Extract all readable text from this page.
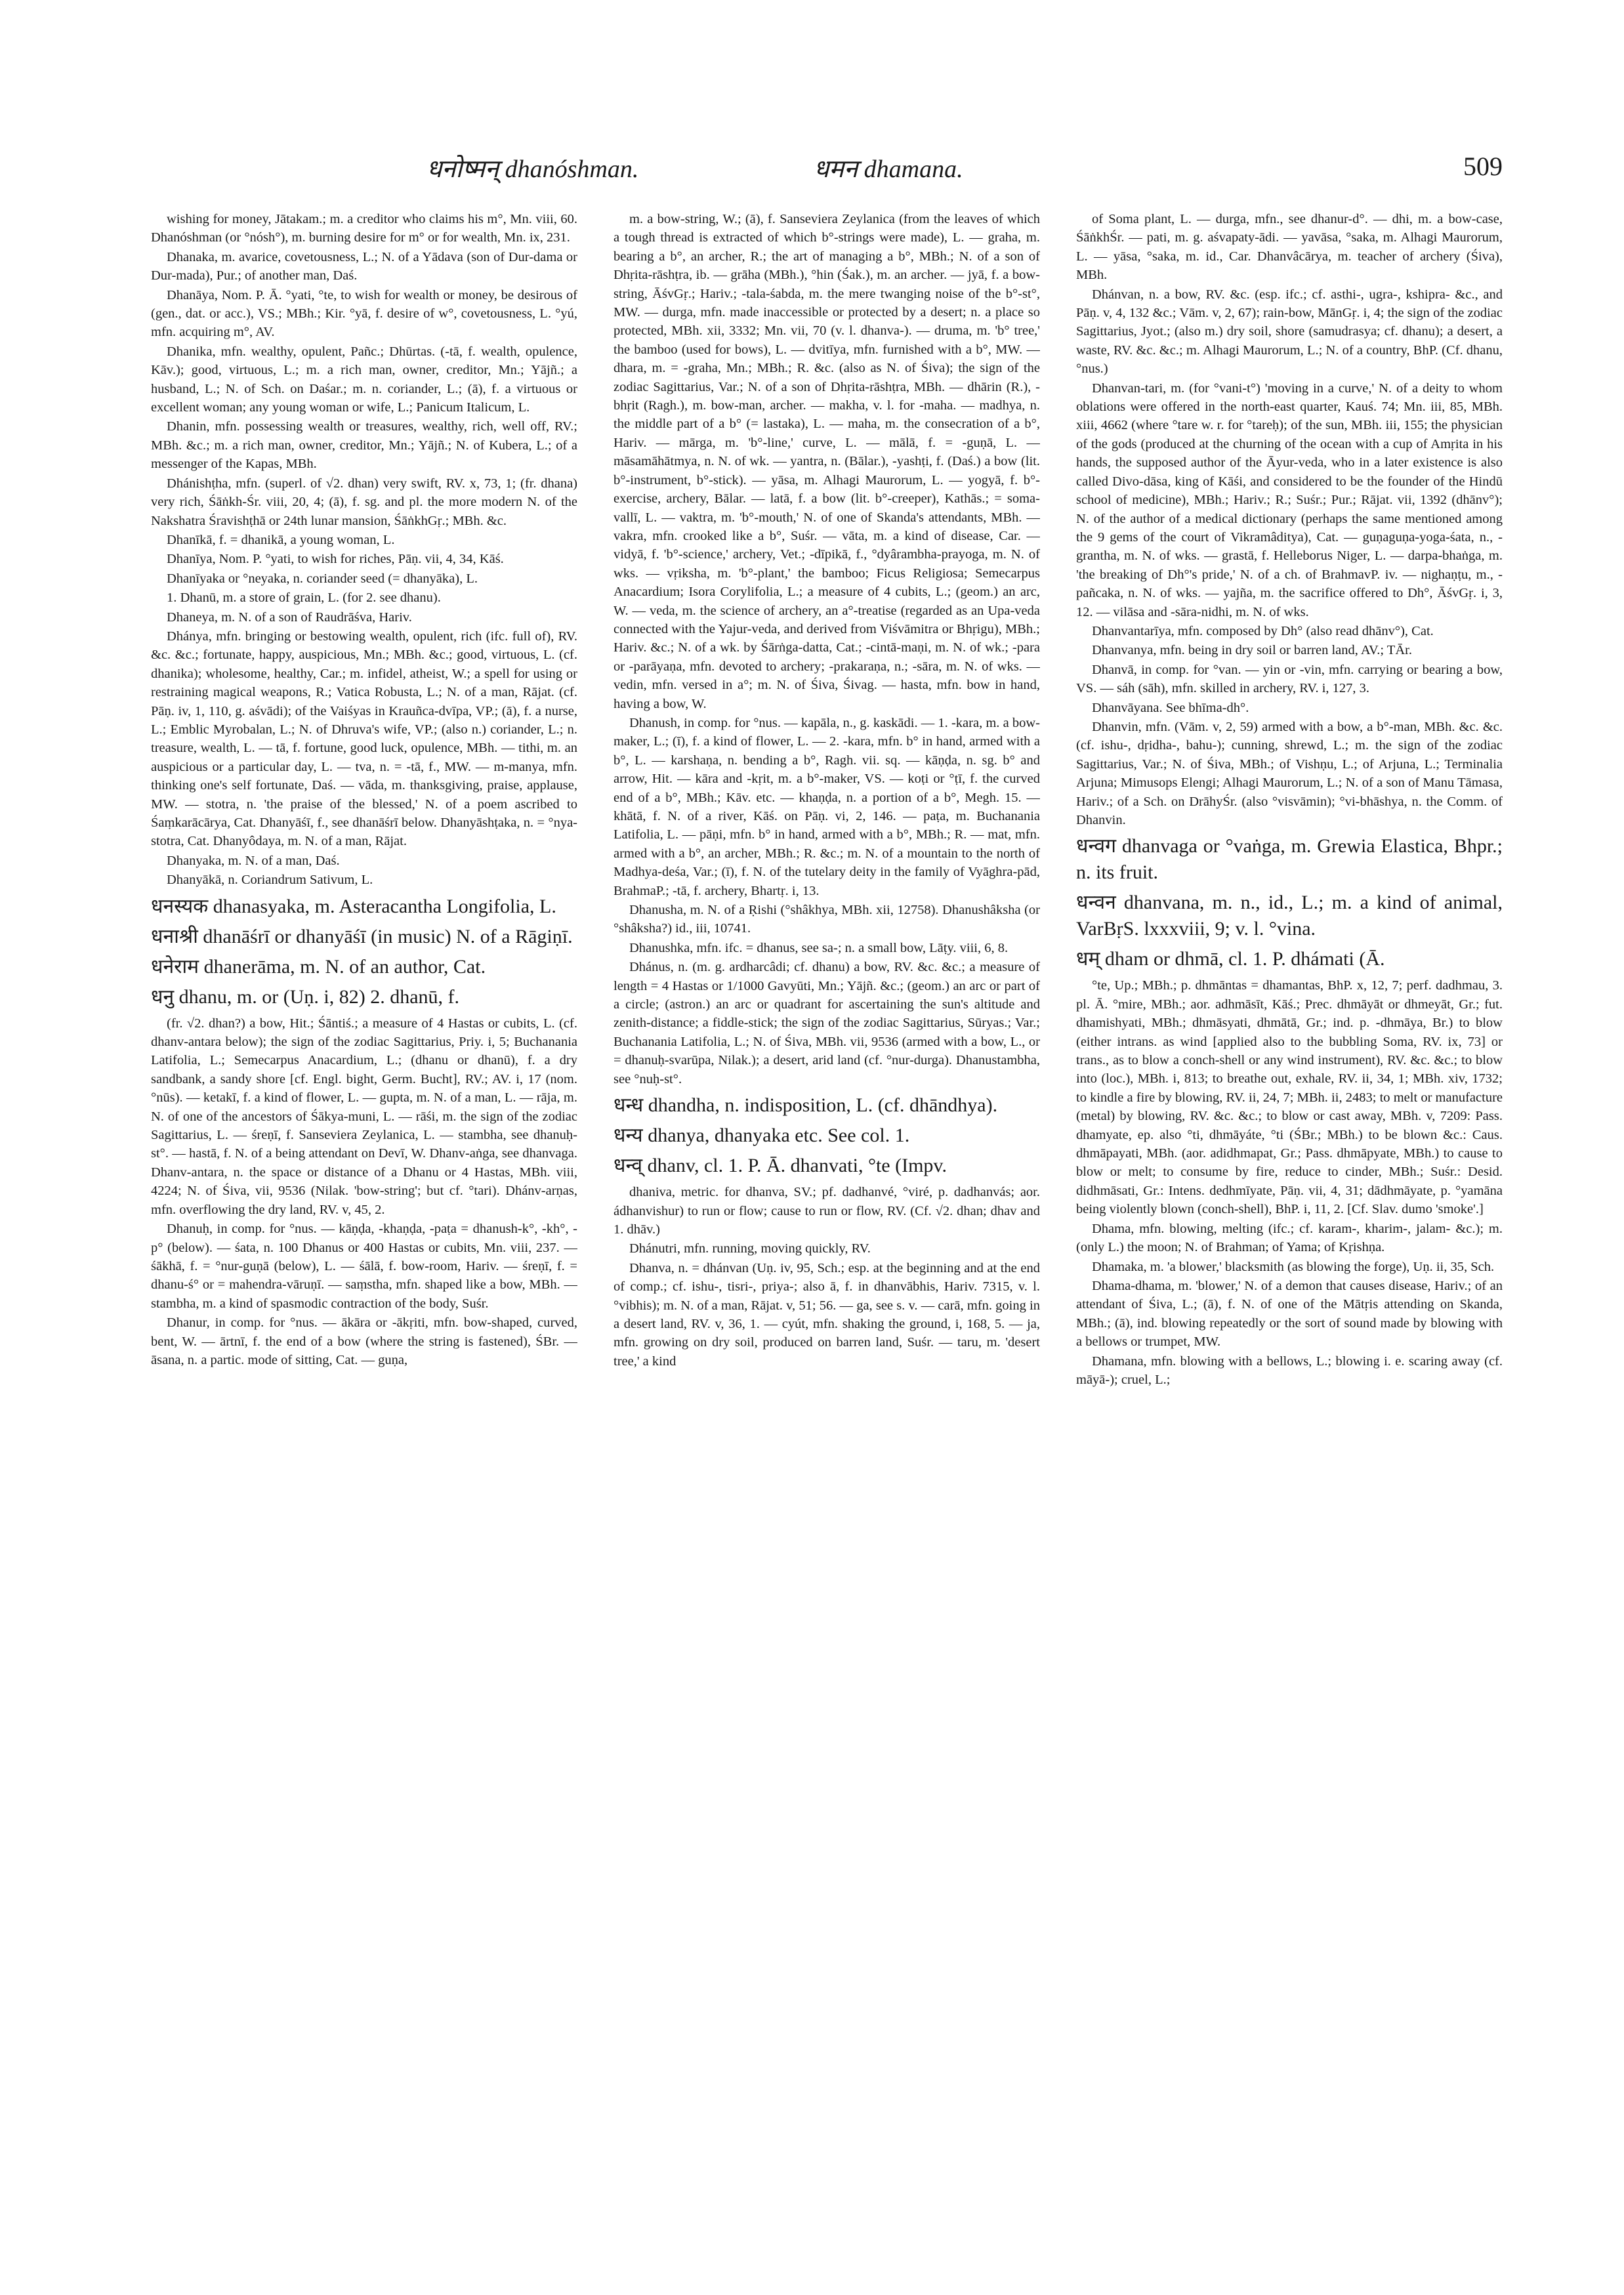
धनोष्मन् dhanóshman.	धमन dhamana.	509

wishing for money, Jātakam.; m. a creditor who claims his m°, Mn. viii, 60. Dhanóshman (or °nósh°), m. burning desire for m° or for wealth, Mn. ix, 231.

Dhanaka, m. avarice, covetousness, L.; N. of a Yādava (son of Dur-dama or Dur-mada), Pur.; of another man, Daś.

Dhanāya, Nom. P. Ā. °yati, °te, to wish for wealth or money, be desirous of (gen., dat. or acc.), VS.; MBh.; Kir. °yā, f. desire of w°, covetousness, L. °yú, mfn. acquiring m°, AV.

Dhanika, mfn. wealthy, opulent, Pañc.; Dhūrtas. (-tā, f. wealth, opulence, Kāv.); good, virtuous, L.; m. a rich man, owner, creditor, Mn.; Yājñ.; a husband, L.; N. of Sch. on Daśar.; m. n. coriander, L.; (ā), f. a virtuous or excellent woman; any young woman or wife, L.; Panicum Italicum, L.

Dhanin, mfn. possessing wealth or treasures, wealthy, rich, well off, RV.; MBh. &c.; m. a rich man, owner, creditor, Mn.; Yājñ.; N. of Kubera, L.; of a messenger of the Kapas, MBh.

Dhánishṭha, mfn. (superl. of √2. dhan) very swift, RV. x, 73, 1; (fr. dhana) very rich, Śāṅkh-Śr. viii, 20, 4; (ā), f. sg. and pl. the more modern N. of the Nakshatra Śravishṭhā or 24th lunar mansion, ŚāṅkhGṛ.; MBh. &c.

Dhanīkā, f. = dhanikā, a young woman, L.

Dhanīya, Nom. P. °yati, to wish for riches, Pāṇ. vii, 4, 34, Kāś.

Dhanīyaka or °neyaka, n. coriander seed (= dhanyāka), L.

1. Dhanū, m. a store of grain, L. (for 2. see dhanu).

Dhaneya, m. N. of a son of Raudrāśva, Hariv.

Dhánya, mfn. bringing or bestowing wealth, opulent, rich (ifc. full of), RV. &c. &c.; fortunate, happy, auspicious, Mn.; MBh. &c.; good, virtuous, L. (cf. dhanika); wholesome, healthy, Car.; m. infidel, atheist, W.; a spell for using or restraining magical weapons, R.; Vatica Robusta, L.; N. of a man, Rājat. (cf. Pāṇ. iv, 1, 110, g. aśvādi); of the Vaiśyas in Krauñca-dvīpa, VP.; (ā), f. a nurse, L.; Emblic Myrobalan, L.; N. of Dhruva's wife, VP.; (also n.) coriander, L.; n. treasure, wealth, L. — tā, f. fortune, good luck, opulence, MBh. — tithi, m. an auspicious or a particular day, L. — tva, n. = -tā, f., MW. — m-manya, mfn. thinking one's self fortunate, Daś. — vāda, m. thanksgiving, praise, applause, MW. — stotra, n. 'the praise of the blessed,' N. of a poem ascribed to Śaṃkarācārya, Cat. Dhanyāśī, f., see dhanāśrī below. Dhanyāshṭaka, n. = °nya-stotra, Cat. Dhanyôdaya, m. N. of a man, Rājat.

Dhanyaka, m. N. of a man, Daś.

Dhanyākā, n. Coriandrum Sativum, L.

धनस्यक dhanasyaka, m. Asteracantha Longifolia, L.

धनाश्री dhanāśrī or dhanyāśī (in music) N. of a Rāgiṇī.

धनेराम dhanerāma, m. N. of an author, Cat.

धनु dhanu, m. or (Uṇ. i, 82) 2. dhanū, f.

(fr. √2. dhan?) a bow, Hit.; Śāntiś.; a measure of 4 Hastas or cubits, L. (cf. dhanv-antara below); the sign of the zodiac Sagittarius, Priy. i, 5; Buchanania Latifolia, L.; Semecarpus Anacardium, L.; (dhanu or dhanū), f. a dry sandbank, a sandy shore [cf. Engl. bight, Germ. Bucht], RV.; AV. i, 17 (nom. °nūs). — ketakī, f. a kind of flower, L. — gupta, m. N. of a man, L. — rāja, m. N. of one of the ancestors of Śākya-muni, L. — rāśi, m. the sign of the zodiac Sagittarius, L. — śreṇī, f. Sanseviera Zeylanica, L. — stambha, see dhanuḥ-st°. — hastā, f. N. of a being attendant on Devī, W. Dhanv-aṅga, see dhanvaga. Dhanv-antara, n. the space or distance of a Dhanu or 4 Hastas, MBh. viii, 4224; N. of Śiva, vii, 9536 (Nilak. 'bow-string'; but cf. °tari). Dhánv-arṇas, mfn. overflowing the dry land, RV. v, 45, 2.

Dhanuḥ, in comp. for °nus. — kāṇḍa, -khaṇḍa, -paṭa = dhanush-k°, -kh°, -p° (below). — śata, n. 100 Dhanus or 400 Hastas or cubits, Mn. viii, 237. — śākhā, f. = °nur-guṇā (below), L. — śālā, f. bow-room, Hariv. — śreṇī, f. = dhanu-ś° or = mahendra-vāruṇī. — saṃstha, mfn. shaped like a bow, MBh. — stambha, m. a kind of spasmodic contraction of the body, Suśr.

Dhanur, in comp. for °nus. — ākāra or -ākṛiti, mfn. bow-shaped, curved, bent, W. — ārtnī, f. the end of a bow (where the string is fastened), ŚBr. — āsana, n. a partic. mode of sitting, Cat. — guṇa,

m. a bow-string, W.; (ā), f. Sanseviera Zeylanica (from the leaves of which a tough thread is extracted of which b°-strings were made), L. — graha, m. bearing a b°, an archer, R.; the art of managing a b°, MBh.; N. of a son of Dhṛita-rāshṭra, ib. — grāha (MBh.), °hin (Śak.), m. an archer. — jyā, f. a bow-string, ĀśvGṛ.; Hariv.; -tala-śabda, m. the mere twanging noise of the b°-st°, MW. — durga, mfn. made inaccessible or protected by a desert; n. a place so protected, MBh. xii, 3332; Mn. vii, 70 (v. l. dhanva-). — druma, m. 'b° tree,' the bamboo (used for bows), L. — dvitīya, mfn. furnished with a b°, MW. — dhara, m. = -graha, Mn.; MBh.; R. &c. (also as N. of Śiva); the sign of the zodiac Sagittarius, Var.; N. of a son of Dhṛita-rāshṭra, MBh. — dhārin (R.), -bhṛit (Ragh.), m. bow-man, archer. — makha, v. l. for -maha. — madhya, n. the middle part of a b° (= lastaka), L. — maha, m. the consecration of a b°, Hariv. — mārga, m. 'b°-line,' curve, L. — mālā, f. = -guṇā, L. — māsamāhātmya, n. N. of wk. — yantra, n. (Bālar.), -yashṭi, f. (Daś.) a bow (lit. b°-instrument, b°-stick). — yāsa, m. Alhagi Maurorum, L. — yogyā, f. b°-exercise, archery, Bālar. — latā, f. a bow (lit. b°-creeper), Kathās.; = soma-vallī, L. — vaktra, m. 'b°-mouth,' N. of one of Skanda's attendants, MBh. — vakra, mfn. crooked like a b°, Suśr. — vāta, m. a kind of disease, Car. — vidyā, f. 'b°-science,' archery, Vet.; -dīpikā, f., °dyârambha-prayoga, m. N. of wks. — vṛiksha, m. 'b°-plant,' the bamboo; Ficus Religiosa; Semecarpus Anacardium; Isora Corylifolia, L.; a measure of 4 cubits, L.; (geom.) an arc, W. — veda, m. the science of archery, an a°-treatise (regarded as an Upa-veda connected with the Yajur-veda, and derived from Viśvāmitra or Bhṛigu), MBh.; Hariv. &c.; N. of a wk. by Śārṅga-datta, Cat.; -cintā-maṇi, m. N. of wk.; -para or -parāyaṇa, mfn. devoted to archery; -prakaraṇa, n.; -sāra, m. N. of wks. — vedin, mfn. versed in a°; m. N. of Śiva, Śivag. — hasta, mfn. bow in hand, having a bow, W.

Dhanush, in comp. for °nus. — kapāla, n., g. kaskādi. — 1. -kara, m. a bow-maker, L.; (ī), f. a kind of flower, L. — 2. -kara, mfn. b° in hand, armed with a b°, L. — karshaṇa, n. bending a b°, Ragh. vii. sq. — kāṇḍa, n. sg. b° and arrow, Hit. — kāra and -kṛit, m. a b°-maker, VS. — koṭi or °ṭī, f. the curved end of a b°, MBh.; Kāv. etc. — khaṇḍa, n. a portion of a b°, Megh. 15. — khātā, f. N. of a river, Kāś. on Pāṇ. vi, 2, 146. — paṭa, m. Buchanania Latifolia, L. — pāṇi, mfn. b° in hand, armed with a b°, MBh.; R. — mat, mfn. armed with a b°, an archer, MBh.; R. &c.; m. N. of a mountain to the north of Madhya-deśa, Var.; (ī), f. N. of the tutelary deity in the family of Vyāghra-pād, BrahmaP.; -tā, f. archery, Bhartṛ. i, 13.

Dhanusha, m. N. of a Ṛishi (°shâkhya, MBh. xii, 12758). Dhanushâksha (or °shâksha?) id., iii, 10741.

Dhanushka, mfn. ifc. = dhanus, see sa-; n. a small bow, Lāṭy. viii, 6, 8.

Dhánus, n. (m. g. ardharcâdi; cf. dhanu) a bow, RV. &c. &c.; a measure of length = 4 Hastas or 1/1000 Gavyūti, Mn.; Yājñ. &c.; (geom.) an arc or part of a circle; (astron.) an arc or quadrant for ascertaining the sun's altitude and zenith-distance; a fiddle-stick; the sign of the zodiac Sagittarius, Sūryas.; Var.; Buchanania Latifolia, L.; N. of Śiva, MBh. vii, 9536 (armed with a bow, L., or = dhanuḥ-svarūpa, Nilak.); a desert, arid land (cf. °nur-durga). Dhanustambha, see °nuḥ-st°.

धन्ध dhandha, n. indisposition, L. (cf. dhāndhya).

धन्य dhanya, dhanyaka etc. See col. 1.

धन्व् dhanv, cl. 1. P. Ā. dhanvati, °te (Impv.

dhaniva, metric. for dhanva, SV.; pf. dadhanvé, °viré, p. dadhanvás; aor. ádhanvishur) to run or flow; cause to run or flow, RV. (Cf. √2. dhan; dhav and 1. dhāv.)

Dhánutri, mfn. running, moving quickly, RV.

Dhanva, n. = dhánvan (Uṇ. iv, 95, Sch.; esp. at the beginning and at the end of comp.; cf. ishu-, tisri-, priya-; also ā, f. in dhanvābhis, Hariv. 7315, v. l. °vibhis); m. N. of a man, Rājat. v, 51; 56. — ga, see s. v. — carā, mfn. going in a desert land, RV. v, 36, 1. — cyút, mfn. shaking the ground, i, 168, 5. — ja, mfn. growing on dry soil, produced on barren land, Suśr. — taru, m. 'desert tree,' a kind

of Soma plant, L. — durga, mfn., see dhanur-d°. — dhi, m. a bow-case, ŚāṅkhŚr. — pati, m. g. aśvapaty-ādi. — yavāsa, °saka, m. Alhagi Maurorum, L. — yāsa, °saka, m. id., Car. Dhanvâcārya, m. teacher of archery (Śiva), MBh.

Dhánvan, n. a bow, RV. &c. (esp. ifc.; cf. asthi-, ugra-, kshipra- &c., and Pāṇ. v, 4, 132 &c.; Vām. v, 2, 67); rain-bow, MānGṛ. i, 4; the sign of the zodiac Sagittarius, Jyot.; (also m.) dry soil, shore (samudrasya; cf. dhanu); a desert, a waste, RV. &c. &c.; m. Alhagi Maurorum, L.; N. of a country, BhP. (Cf. dhanu, °nus.)

Dhanvan-tari, m. (for °vani-t°) 'moving in a curve,' N. of a deity to whom oblations were offered in the north-east quarter, Kauś. 74; Mn. iii, 85, MBh. xiii, 4662 (where °tare w. r. for °tareḥ); of the sun, MBh. iii, 155; the physician of the gods (produced at the churning of the ocean with a cup of Amṛita in his hands, the supposed author of the Āyur-veda, who in a later existence is also called Divo-dāsa, king of Kāśi, and considered to be the founder of the Hindū school of medicine), MBh.; Hariv.; R.; Suśr.; Pur.; Rājat. vii, 1392 (dhānv°); N. of the author of a medical dictionary (perhaps the same mentioned among the 9 gems of the court of Vikramâditya), Cat. — guṇaguṇa-yoga-śata, n., -grantha, m. N. of wks. — grastā, f. Helleborus Niger, L. — darpa-bhaṅga, m. 'the breaking of Dh°'s pride,' N. of a ch. of BrahmavP. iv. — nighaṇṭu, m., -pañcaka, n. N. of wks. — yajña, m. the sacrifice offered to Dh°, ĀśvGṛ. i, 3, 12. — vilāsa and -sāra-nidhi, m. N. of wks.

Dhanvantarīya, mfn. composed by Dh° (also read dhānv°), Cat.

Dhanvanya, mfn. being in dry soil or barren land, AV.; TĀr.

Dhanvā, in comp. for °van. — yin or -vin, mfn. carrying or bearing a bow, VS. — sáh (sāh), mfn. skilled in archery, RV. i, 127, 3.

Dhanvāyana. See bhīma-dh°.

Dhanvin, mfn. (Vām. v, 2, 59) armed with a bow, a b°-man, MBh. &c. &c. (cf. ishu-, dṛidha-, bahu-); cunning, shrewd, L.; m. the sign of the zodiac Sagittarius, Var.; N. of Śiva, MBh.; of Vishṇu, L.; of Arjuna, L.; Terminalia Arjuna; Mimusops Elengi; Alhagi Maurorum, L.; N. of a son of Manu Tāmasa, Hariv.; of a Sch. on DrāhyŚr. (also °visvāmin); °vi-bhāshya, n. the Comm. of Dhanvin.

धन्वग dhanvaga or °vaṅga, m. Grewia Elastica, Bhpr.; n. its fruit.

धन्वन dhanvana, m. n., id., L.; m. a kind of animal, VarBṛS. lxxxviii, 9; v. l. °vina.

धम् dham or dhmā, cl. 1. P. dhámati (Ā.

°te, Up.; MBh.; p. dhmāntas = dhamantas, BhP. x, 12, 7; perf. dadhmau, 3. pl. Ā. °mire, MBh.; aor. adhmāsīt, Kāś.; Prec. dhmāyāt or dhmeyāt, Gr.; fut. dhamishyati, MBh.; dhmāsyati, dhmātā, Gr.; ind. p. -dhmāya, Br.) to blow (either intrans. as wind [applied also to the bubbling Soma, RV. ix, 73] or trans., as to blow a conch-shell or any wind instrument), RV. &c. &c.; to blow into (loc.), MBh. i, 813; to breathe out, exhale, RV. ii, 34, 1; MBh. xiv, 1732; to kindle a fire by blowing, RV. ii, 24, 7; MBh. ii, 2483; to melt or manufacture (metal) by blowing, RV. &c. &c.; to blow or cast away, MBh. v, 7209: Pass. dhamyate, ep. also °ti, dhmāyáte, °ti (ŚBr.; MBh.) to be blown &c.: Caus. dhmāpayati, MBh. (aor. adidhmapat, Gr.; Pass. dhmāpyate, MBh.) to cause to blow or melt; to consume by fire, reduce to cinder, MBh.; Suśr.: Desid. didhmāsati, Gr.: Intens. dedhmīyate, Pāṇ. vii, 4, 31; dādhmāyate, p. °yamāna being violently blown (conch-shell), BhP. i, 11, 2. [Cf. Slav. dumo 'smoke'.]

Dhama, mfn. blowing, melting (ifc.; cf. karam-, kharim-, jalam- &c.); m. (only L.) the moon; N. of Brahman; of Yama; of Kṛishṇa.

Dhamaka, m. 'a blower,' blacksmith (as blowing the forge), Uṇ. ii, 35, Sch.

Dhama-dhama, m. 'blower,' N. of a demon that causes disease, Hariv.; of an attendant of Śiva, L.; (ā), f. N. of one of the Mātṛis attending on Skanda, MBh.; (ā), ind. blowing repeatedly or the sort of sound made by blowing with a bellows or trumpet, MW.

Dhamana, mfn. blowing with a bellows, L.; blowing i. e. scaring away (cf. māyā-); cruel, L.;
